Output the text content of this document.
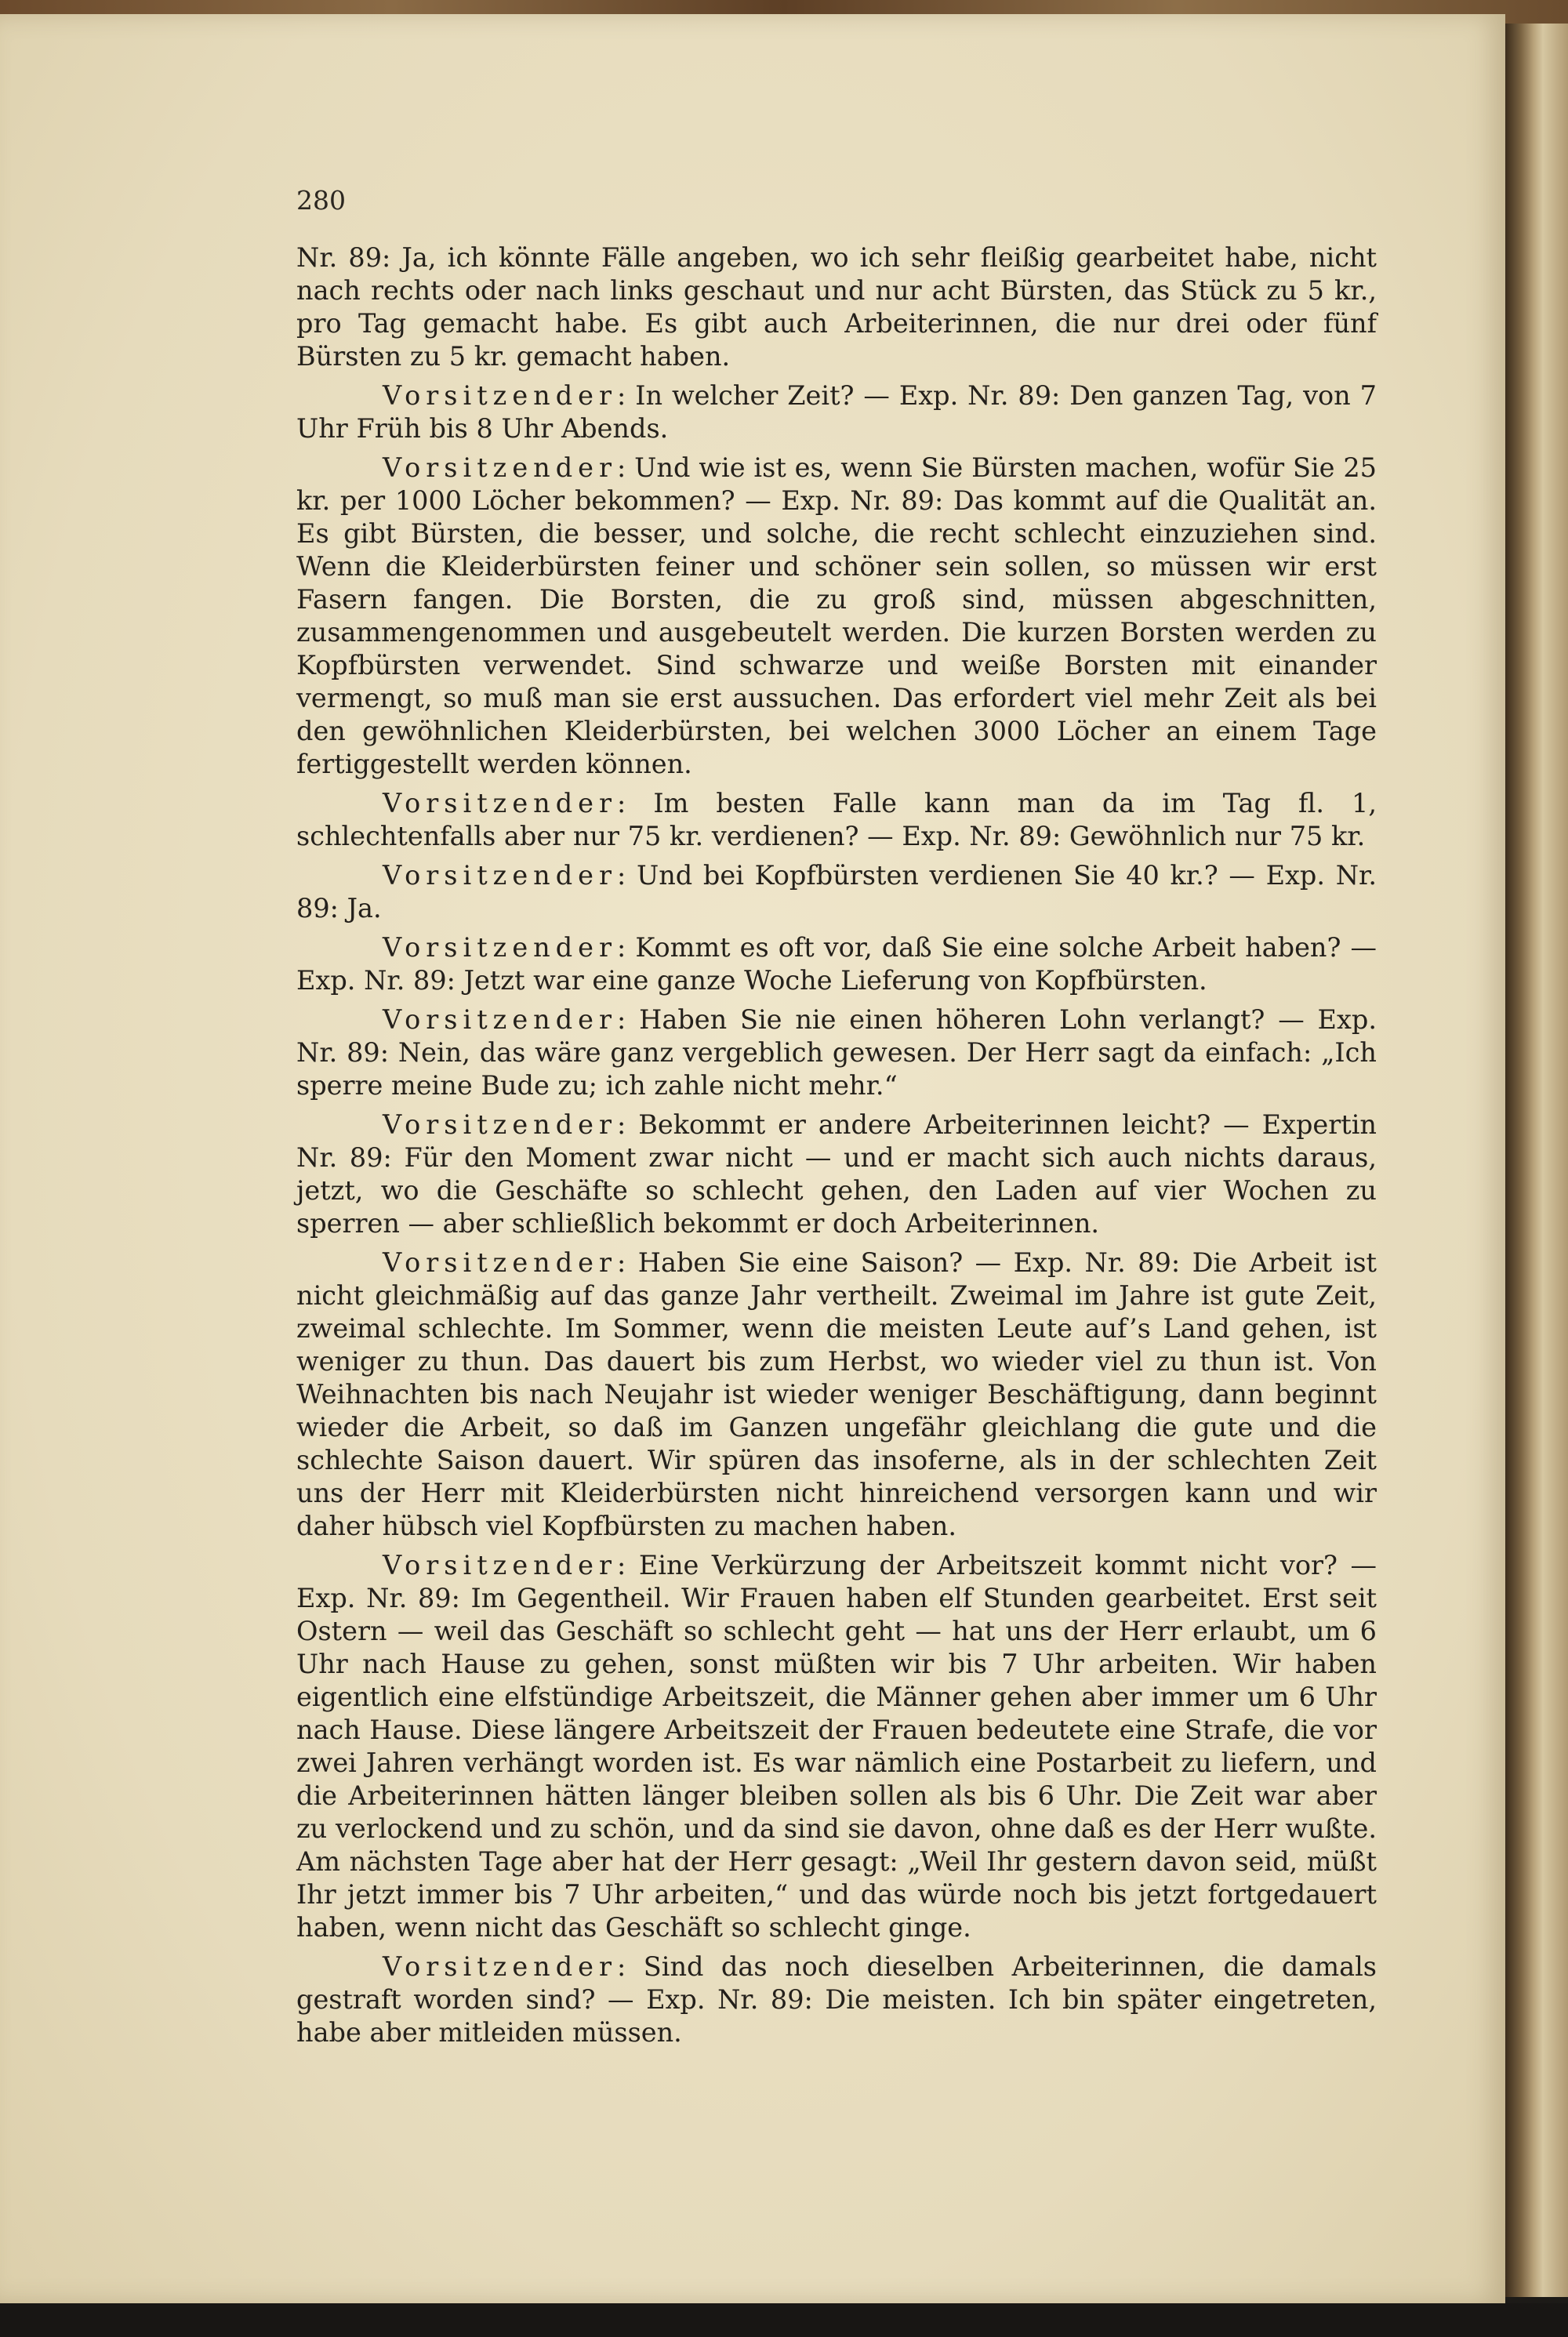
280

Nr. 89: Ja, ich könnte Fälle angeben, wo ich sehr fleißig gearbeitet habe, nicht nach rechts oder nach links geschaut und nur acht Bürsten, das Stück zu 5 kr., pro Tag gemacht habe. Es gibt auch Arbeiterinnen, die nur drei oder fünf Bürsten zu 5 kr. gemacht haben.

Vorsitzender: In welcher Zeit? — Exp. Nr. 89: Den ganzen Tag, von 7 Uhr Früh bis 8 Uhr Abends.

Vorsitzender: Und wie ist es, wenn Sie Bürsten machen, wofür Sie 25 kr. per 1000 Löcher bekommen? — Exp. Nr. 89: Das kommt auf die Qualität an. Es gibt Bürsten, die besser, und solche, die recht schlecht einzuziehen sind. Wenn die Kleiderbürsten feiner und schöner sein sollen, so müssen wir erst Fasern fangen. Die Borsten, die zu groß sind, müssen abgeschnitten, zusammengenommen und ausgebeutelt werden. Die kurzen Borsten werden zu Kopfbürsten verwendet. Sind schwarze und weiße Borsten mit einander vermengt, so muß man sie erst aussuchen. Das erfordert viel mehr Zeit als bei den gewöhnlichen Kleiderbürsten, bei welchen 3000 Löcher an einem Tage fertiggestellt werden können.

Vorsitzender: Im besten Falle kann man da im Tag fl. 1, schlechtenfalls aber nur 75 kr. verdienen? — Exp. Nr. 89: Gewöhnlich nur 75 kr.

Vorsitzender: Und bei Kopfbürsten verdienen Sie 40 kr.? — Exp. Nr. 89: Ja.

Vorsitzender: Kommt es oft vor, daß Sie eine solche Arbeit haben? — Exp. Nr. 89: Jetzt war eine ganze Woche Lieferung von Kopfbürsten.

Vorsitzender: Haben Sie nie einen höheren Lohn verlangt? — Exp. Nr. 89: Nein, das wäre ganz vergeblich gewesen. Der Herr sagt da einfach: „Ich sperre meine Bude zu; ich zahle nicht mehr.“

Vorsitzender: Bekommt er andere Arbeiterinnen leicht? — Expertin Nr. 89: Für den Moment zwar nicht — und er macht sich auch nichts daraus, jetzt, wo die Geschäfte so schlecht gehen, den Laden auf vier Wochen zu sperren — aber schließlich bekommt er doch Arbeiterinnen.

Vorsitzender: Haben Sie eine Saison? — Exp. Nr. 89: Die Arbeit ist nicht gleichmäßig auf das ganze Jahr vertheilt. Zweimal im Jahre ist gute Zeit, zweimal schlechte. Im Sommer, wenn die meisten Leute auf’s Land gehen, ist weniger zu thun. Das dauert bis zum Herbst, wo wieder viel zu thun ist. Von Weihnachten bis nach Neujahr ist wieder weniger Beschäftigung, dann beginnt wieder die Arbeit, so daß im Ganzen ungefähr gleichlang die gute und die schlechte Saison dauert. Wir spüren das insoferne, als in der schlechten Zeit uns der Herr mit Kleiderbürsten nicht hinreichend versorgen kann und wir daher hübsch viel Kopfbürsten zu machen haben.

Vorsitzender: Eine Verkürzung der Arbeitszeit kommt nicht vor? — Exp. Nr. 89: Im Gegentheil. Wir Frauen haben elf Stunden gearbeitet. Erst seit Ostern — weil das Geschäft so schlecht geht — hat uns der Herr erlaubt, um 6 Uhr nach Hause zu gehen, sonst müßten wir bis 7 Uhr arbeiten. Wir haben eigentlich eine elfstündige Arbeitszeit, die Männer gehen aber immer um 6 Uhr nach Hause. Diese längere Arbeitszeit der Frauen bedeutete eine Strafe, die vor zwei Jahren verhängt worden ist. Es war nämlich eine Postarbeit zu liefern, und die Arbeiterinnen hätten länger bleiben sollen als bis 6 Uhr. Die Zeit war aber zu verlockend und zu schön, und da sind sie davon, ohne daß es der Herr wußte. Am nächsten Tage aber hat der Herr gesagt: „Weil Ihr gestern davon seid, müßt Ihr jetzt immer bis 7 Uhr arbeiten,“ und das würde noch bis jetzt fortgedauert haben, wenn nicht das Geschäft so schlecht ginge.

Vorsitzender: Sind das noch dieselben Arbeiterinnen, die damals gestraft worden sind? — Exp. Nr. 89: Die meisten. Ich bin später eingetreten, habe aber mitleiden müssen.
